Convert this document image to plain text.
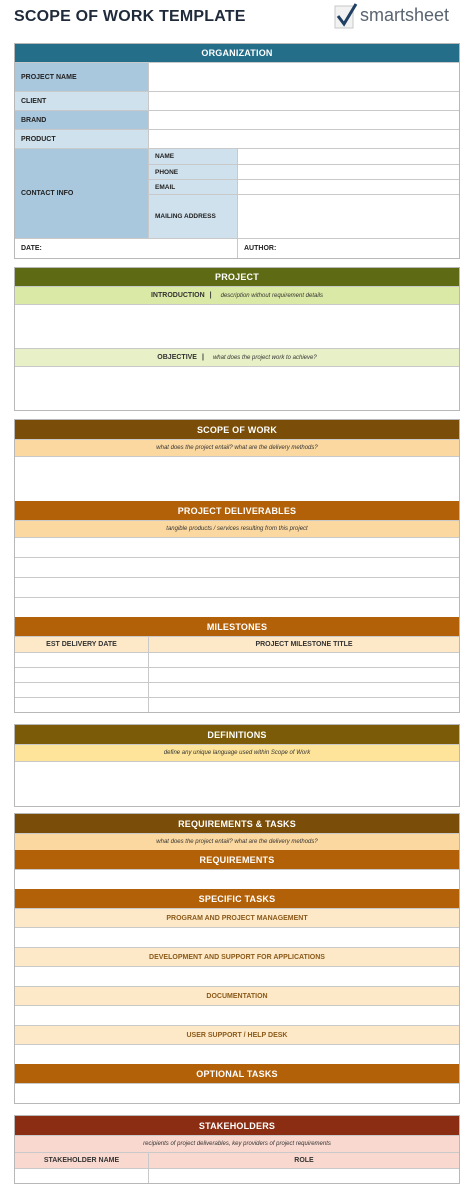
SCOPE OF WORK TEMPLATE	smartsheet
ORGANIZATION
PROJECT NAME
CLIENT
BRAND
PRODUCT
CONTACT INFO
NAME
PHONE
EMAIL
MAILING ADDRESS
DATE:	AUTHOR:
PROJECT
INTRODUCTION | description without requirement details
OBJECTIVE | what does the project work to achieve?
SCOPE OF WORK
what does the project entail? what are the delivery methods?
PROJECT DELIVERABLES
tangible products / services resulting from this project
MILESTONES
EST DELIVERY DATE	PROJECT MILESTONE TITLE
DEFINITIONS
define any unique language used within Scope of Work
REQUIREMENTS & TASKS
what does the project entail? what are the delivery methods?
REQUIREMENTS
SPECIFIC TASKS
PROGRAM AND PROJECT MANAGEMENT
DEVELOPMENT AND SUPPORT FOR APPLICATIONS
DOCUMENTATION
USER SUPPORT / HELP DESK
OPTIONAL TASKS
STAKEHOLDERS
recipients of project deliverables, key providers of project requirements
STAKEHOLDER NAME	ROLE
